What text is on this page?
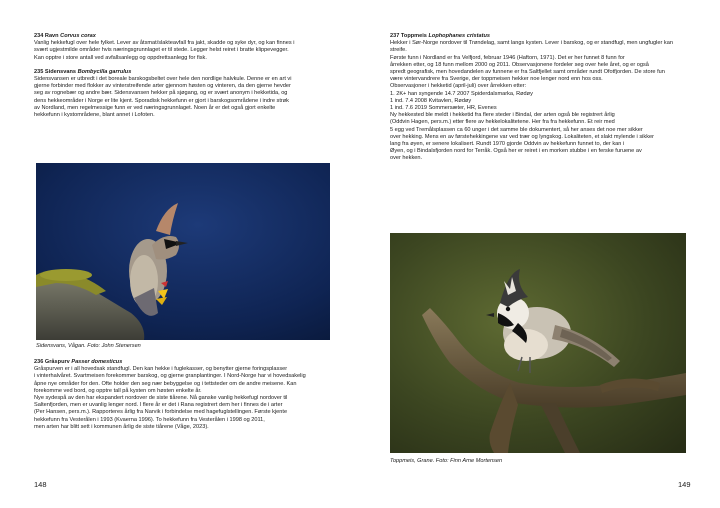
234 Ravn Corvus corax

Vanlig hekkefugl over hele fylket. Lever av åtsmat/slakteavfall fra jakt, skadde og syke dyr, og kan finnes i

svært ugjestmilde områder hvis næringsgrunnlaget er til stede. Legger helst reiret i bratte klippevegger.

Kan opptre i store antall ved avfallsanlegg og oppdrettsanlegg for fisk.

235 Sidensvans Bombycilla garrulus

Sidensvansen er utbredt i det boreale barskogsbeltet over hele den nordlige halvkule. Denne er en art vi

gjerne forbinder med flokker av vinterstreifende arter gjennom høsten og vinteren, da den gjerne hevder

seg av rognebær og andre bær. Sidensvansen hekker på sjøgang, og er svært anonym i hekketida, og

dens hekkeområder i Norge er lite kjent. Sporadisk hekkefunn er gjort i barskogsområdene i indre strøk

av Nordland, men regelmessige funn er ved næringsgrunnlaget. Noen år er det også gjort enkelte

hekkefunn i kystområdene, blant annet i Lofoten.

Sidensvans, Vågan. Foto: John Stenersen

236 Gråspurv Passer domesticus

Gråspurven er i all hovedsak standfugl. Den kan hekke i fuglekasser, og benytter gjerne foringsplasser

i vinterhalvåret. Svartmeisen forekommer barskog, og gjerne granplantinger. I Nord-Norge har vi hovedsakelig

åpne nye områder for den. Ofte holder den seg nær bebyggelse og i tettsteder om de andre meisene. Kan

forekomme ved bord, og opptre tall på kysten om høsten enkelte år.

Nye sydespå av den har ekspandert nordover de siste tiårene. Nå ganske vanlig hekkefugl nordover til

Saltenfjorden, men er uvanlig lenger nord. I flere år er det i Rana registrert dem her i finnes de i arter

(Per Hansen, pers.m.). Rapporteres årlig fra Narvik i forbindelse med hagefuglstellingen. Første kjente

hekkefunn fra Vesterålen i 1993 (Kvaerna 1996). To hekkefunn fra Vesterålen i 1998 og 2011,

men arten har blitt sett i kommunen årlig de siste tiårene (Våge, 2023).

148

237 Toppmeis Lophophanes cristatus

Hekker i Sør-Norge nordover til Trøndelag, samt langs kysten. Lever i barskog, og er standfugl, men ungfugler kan

streife.

Første funn i Nordland er fra Velfjord, februar 1946 (Haftorn, 1971). Det er her funnet 8 funn for

årrekken etter, og 18 funn mellom 2000 og 2011. Observasjonene fordeler seg over hele året, og er også

spredt geografisk, men hovedandelen av funnene er fra Saltfjellet samt områder rundt Ofotfjorden. De store fun

være vintervandrere fra Sverige, der toppmeisen hekker noe lenger nord enn hos oss.

Observasjoner i hekketid (april-juli) over årrekken etter:

1. 2K+ han syngende 14.7 2007 Spiderdalsmarka, Rødøy

1 ind. 7.4 2008 Kvitavlen, Rødøy

1 ind. 7.6 2019 Sommersæter, HR, Evenes

Ny hekkested ble meldt i hekketid fra flere steder i Bindal, der arten også ble registrert årlig

(Oddvin Hagen, pers.m.) etter flere av hekkelokalitetene. Her fra fra hekkefunn. Et reir med

5 egg ved Tremålsplassen ca 60 unger i det samme ble dokumentert, så her anses det noe mer sikker

over hekking. Mens en av førstehekkingene var ved trær og lyngskog. Lokaliteten, et slakt mylende i sikker

lang fra øyen, er senere lokalisert. Rundt 1970 gjorde Oddvin av hekkefunn funnet to, der kan i

Øyen, og i Bindalsfjorden nord for Terråk. Også her er reiret i en morken stubbe i en ferske furuene av

over hekken.

Toppmeis, Grane. Foto: Finn Arne Mortensen
149
